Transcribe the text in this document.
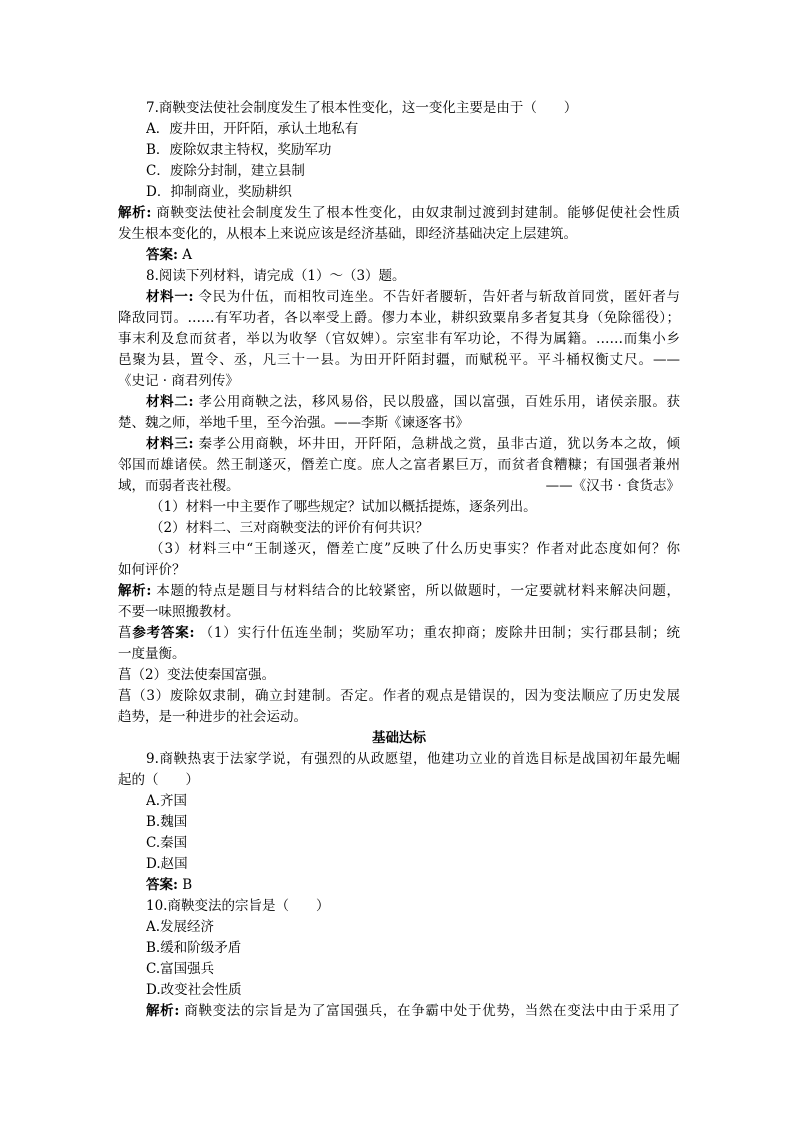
7.商鞅变法使社会制度发生了根本性变化，这一变化主要是由于（　　）
A．废井田，开阡陌，承认土地私有
B．废除奴隶主特权，奖励军功
C．废除分封制，建立县制
D．抑制商业，奖励耕织
解析: 商鞅变法使社会制度发生了根本性变化，由奴隶制过渡到封建制。能够促使社会性质
发生根本变化的，从根本上来说应该是经济基础，即经济基础决定上层建筑。
答案: A
8.阅读下列材料，请完成（1）～（3）题。
材料一: 令民为什伍，而相牧司连坐。不告奸者腰斩，告奸者与斩敌首同赏，匿奸者与
降敌同罚。……有军功者，各以率受上爵。僇力本业，耕织致粟帛多者复其身（免除徭役）；
事末利及怠而贫者，举以为收孥（官奴婢）。宗室非有军功论，不得为属籍。……而集小乡
邑聚为县，置令、丞，凡三十一县。为田开阡陌封疆，而赋税平。平斗桶权衡丈尺。——
《史记 · 商君列传》
材料二: 孝公用商鞅之法，移风易俗，民以殷盛，国以富强，百姓乐用，诸侯亲服。获
楚、魏之师，举地千里，至今治强。——李斯《谏逐客书》
材料三: 秦孝公用商鞅，坏井田，开阡陌，急耕战之赏，虽非古道，犹以务本之故，倾
邻国而雄诸侯。然王制遂灭，僭差亡度。庶人之富者累巨万，而贫者食糟糠；有国强者兼州
域，而弱者丧社稷。	——《汉书 · 食货志》
（1）材料一中主要作了哪些规定？试加以概括提炼，逐条列出。
（2）材料二、三对商鞅变法的评价有何共识？
（3）材料三中“王制遂灭，僭差亡度”反映了什么历史事实？作者对此态度如何？你
如何评价？
解析: 本题的特点是题目与材料结合的比较紧密，所以做题时，一定要就材料来解决问题，
不要一味照搬教材。
菖参考答案: （1）实行什伍连坐制；奖励军功；重农抑商；废除井田制；实行郡县制；统
一度量衡。
菖（2）变法使秦国富强。
菖（3）废除奴隶制，确立封建制。否定。作者的观点是错误的，因为变法顺应了历史发展
趋势，是一种进步的社会运动。
基础达标
9.商鞅热衷于法家学说，有强烈的从政愿望，他建功立业的首选目标是战国初年最先崛
起的（　　）
A.齐国
B.魏国
C.秦国
D.赵国
答案: B
10.商鞅变法的宗旨是（　　）
A.发展经济
B.缓和阶级矛盾
C.富国强兵
D.改变社会性质
解析: 商鞅变法的宗旨是为了富国强兵，在争霸中处于优势，当然在变法中由于采用了
